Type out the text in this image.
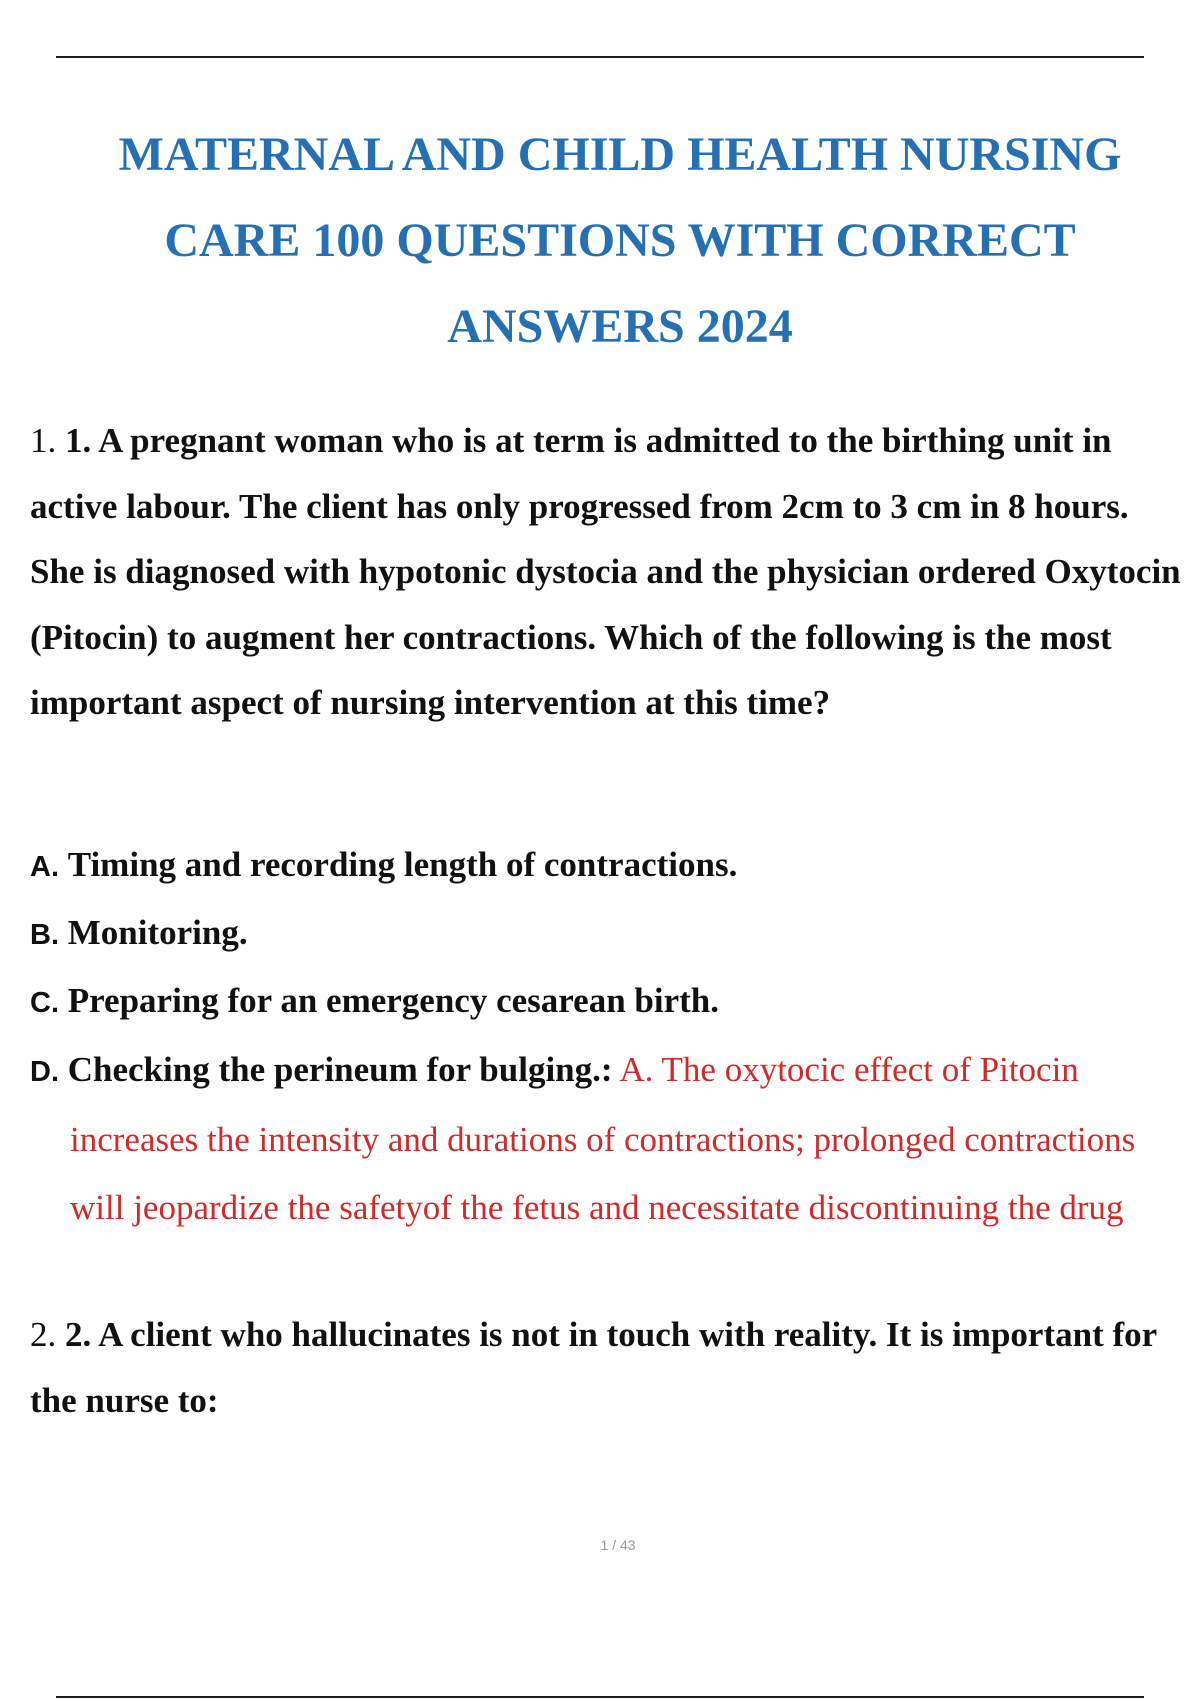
MATERNAL AND CHILD HEALTH NURSING
CARE 100 QUESTIONS WITH CORRECT
ANSWERS 2024

1. 1. A pregnant woman who is at term is admitted to the birthing unit in active labour. The client has only progressed from 2cm to 3 cm in 8 hours. She is diagnosed with hypotonic dystocia and the physician ordered Oxytocin (Pitocin) to augment her contractions. Which of the following is the most important aspect of nursing intervention at this time?

A. Timing and recording length of contractions.
B. Monitoring.
C. Preparing for an emergency cesarean birth.
D. Checking the perineum for bulging.: A. The oxytocic effect of Pitocin increases the intensity and durations of contractions; prolonged contractions will jeopardize the safetyof the fetus and necessitate discontinuing the drug

2. 2. A client who hallucinates is not in touch with reality. It is important for the nurse to:

1 / 43
